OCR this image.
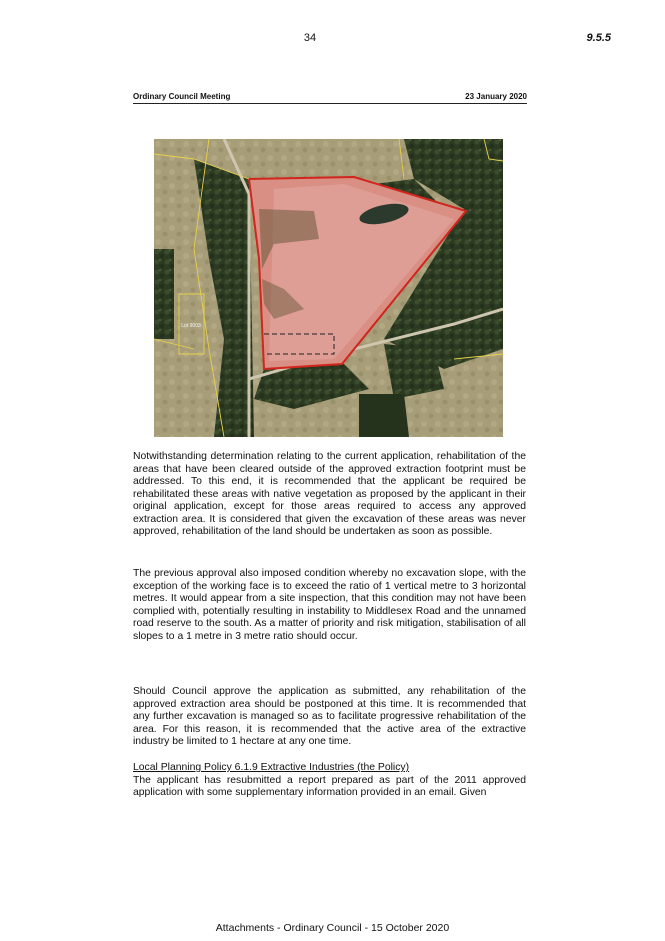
34	9.5.5
Ordinary Council Meeting	23 January 2020
Lot 9003

Notwithstanding determination relating to the current application, rehabilitation of the areas that have been cleared outside of the approved extraction footprint must be addressed. To this end, it is recommended that the applicant be required be rehabilitated these areas with native vegetation as proposed by the applicant in their original application, except for those areas required to access any approved extraction area. It is considered that given the excavation of these areas was never approved, rehabilitation of the land should be undertaken as soon as possible.

The previous approval also imposed condition whereby no excavation slope, with the exception of the working face is to exceed the ratio of 1 vertical metre to 3 horizontal metres. It would appear from a site inspection, that this condition may not have been complied with, potentially resulting in instability to Middlesex Road and the unnamed road reserve to the south. As a matter of priority and risk mitigation, stabilisation of all slopes to a 1 metre in 3 metre ratio should occur.

Should Council approve the application as submitted, any rehabilitation of the approved extraction area should be postponed at this time. It is recommended that any further excavation is managed so as to facilitate progressive rehabilitation of the area. For this reason, it is recommended that the active area of the extractive industry be limited to 1 hectare at any one time.

Local Planning Policy 6.1.9 Extractive Industries (the Policy)

The applicant has resubmitted a report prepared as part of the 2011 approved application with some supplementary information provided in an email. Given

Attachments - Ordinary Council - 15 October 2020
